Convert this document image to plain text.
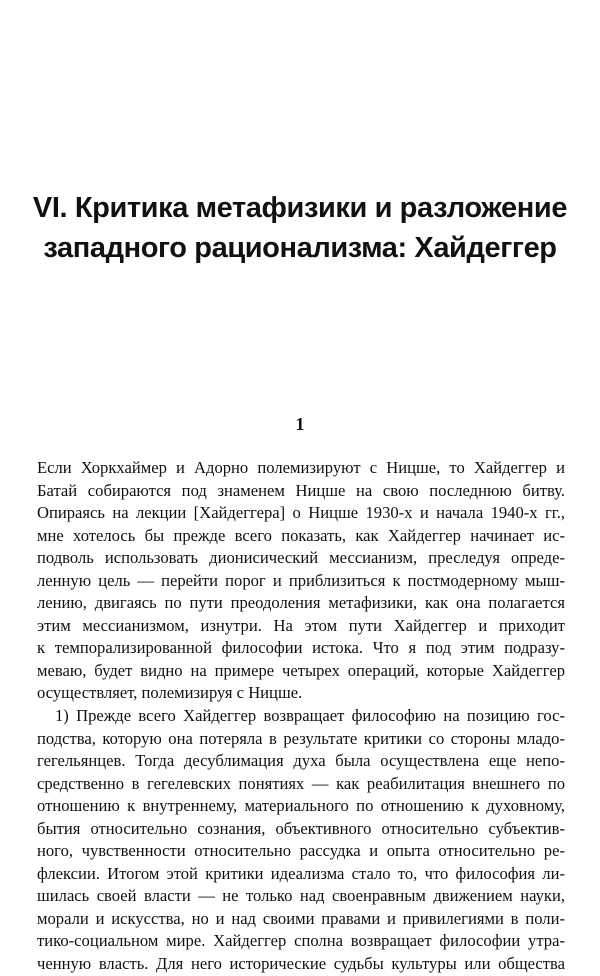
VI. Критика метафизики и разложение
западного рационализма: Хайдеггер
1
Если Хоркхаймер и Адорно полемизируют с Ницше, то Хайдеггер и
Батай собираются под знаменем Ницше на свою последнюю битву.
Опираясь на лекции [Хайдеггера] о Ницше 1930-х и начала 1940-х гг.,
мне хотелось бы прежде всего показать, как Хайдеггер начинает ис-
подволь использовать дионисический мессианизм, преследуя опреде-
ленную цель — перейти порог и приблизиться к постмодерному мыш-
лению, двигаясь по пути преодоления метафизики, как она полагается
этим мессианизмом, изнутри. На этом пути Хайдеггер и приходит
к темпорализированной философии истока. Что я под этим подразу-
меваю, будет видно на примере четырех операций, которые Хайдеггер
осуществляет, полемизируя с Ницше.
1) Прежде всего Хайдеггер возвращает философию на позицию гос-
подства, которую она потеряла в результате критики со стороны младо-
гегельянцев. Тогда десублимация духа была осуществлена еще непо-
средственно в гегелевских понятиях — как реабилитация внешнего по
отношению к внутреннему, материального по отношению к духовному,
бытия относительно сознания, объективного относительно субъектив-
ного, чувственности относительно рассудка и опыта относительно ре-
флексии. Итогом этой критики идеализма стало то, что философия ли-
шилась своей власти — не только над своенравным движением науки,
морали и искусства, но и над своими правами и привилегиями в поли-
тико-социальном мире. Хайдеггер сполна возвращает философии утра-
ченную власть. Для него исторические судьбы культуры или общества
